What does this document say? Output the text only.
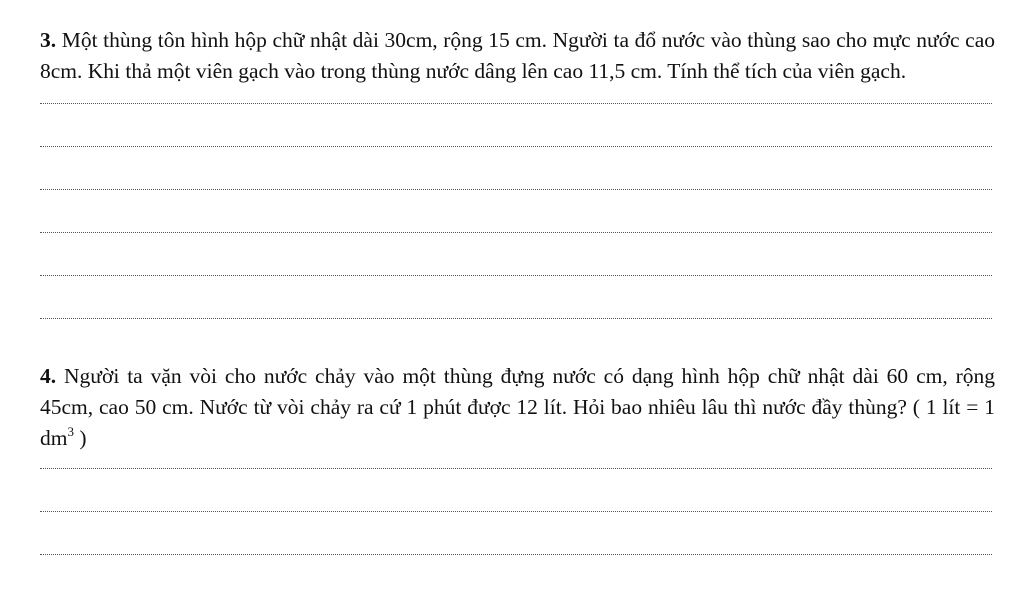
3. Một thùng tôn hình hộp chữ nhật dài 30cm, rộng 15 cm. Người ta đổ nước vào thùng sao cho mực nước cao 8cm. Khi thả một viên gạch vào trong thùng nước dâng lên cao 11,5 cm. Tính thể tích của viên gạch.

4. Người ta vặn vòi cho nước chảy vào một thùng đựng nước có dạng hình hộp chữ nhật dài 60 cm, rộng 45cm, cao 50 cm. Nước từ vòi chảy ra cứ 1 phút được 12 lít. Hỏi bao nhiêu lâu thì nước đầy thùng? ( 1 lít = 1 $dm^3$ )
